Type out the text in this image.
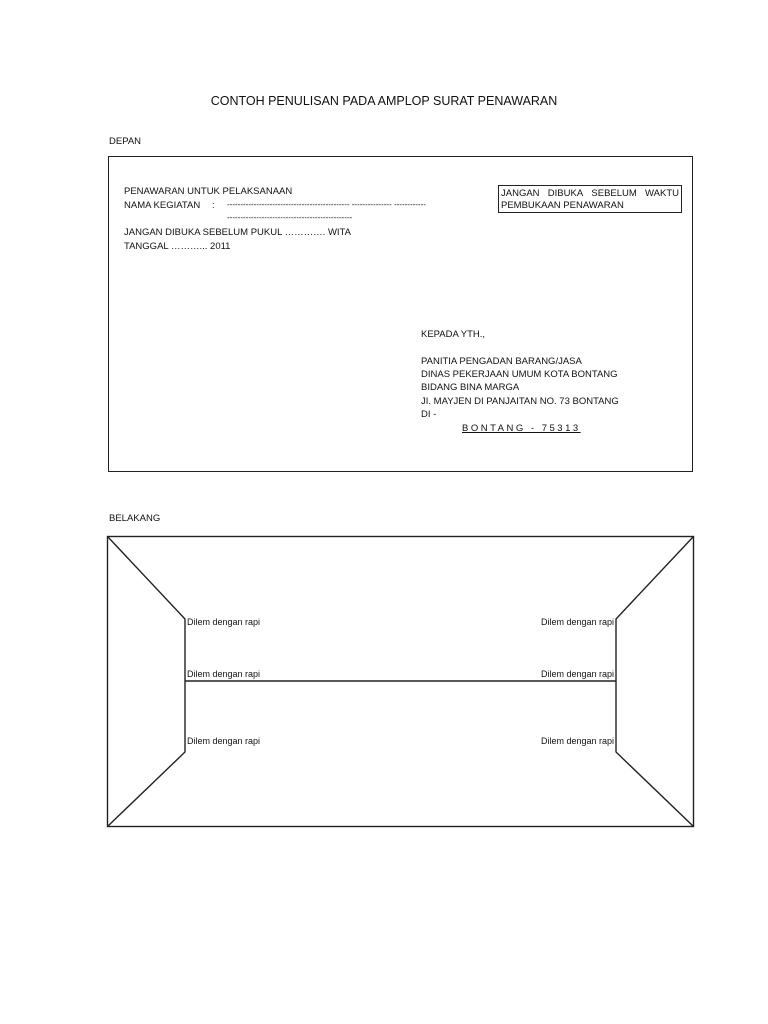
CONTOH PENULISAN PADA AMPLOP SURAT PENAWARAN
DEPAN
PENAWARAN UNTUK PELAKSANAAN
NAMA KEGIATAN : ---------------------------------------------- --------------- ------------
-----------------------------------------------
JANGAN DIBUKA SEBELUM PUKUL …………. WITA
TANGGAL ………... 2011
JANGAN DIBUKA SEBELUM WAKTU
PEMBUKAAN PENAWARAN
KEPADA YTH.,
PANITIA PENGADAN BARANG/JASA
DINAS PEKERJAAN UMUM KOTA BONTANG
BIDANG BINA MARGA
JI. MAYJEN DI PANJAITAN NO. 73 BONTANG
DI -
BONTANG - 75313
BELAKANG
Dilem dengan rapi
Dilem dengan rapi
Dilem dengan rapi
Dilem dengan rapi
Dilem dengan rapi
Dilem dengan rapi
